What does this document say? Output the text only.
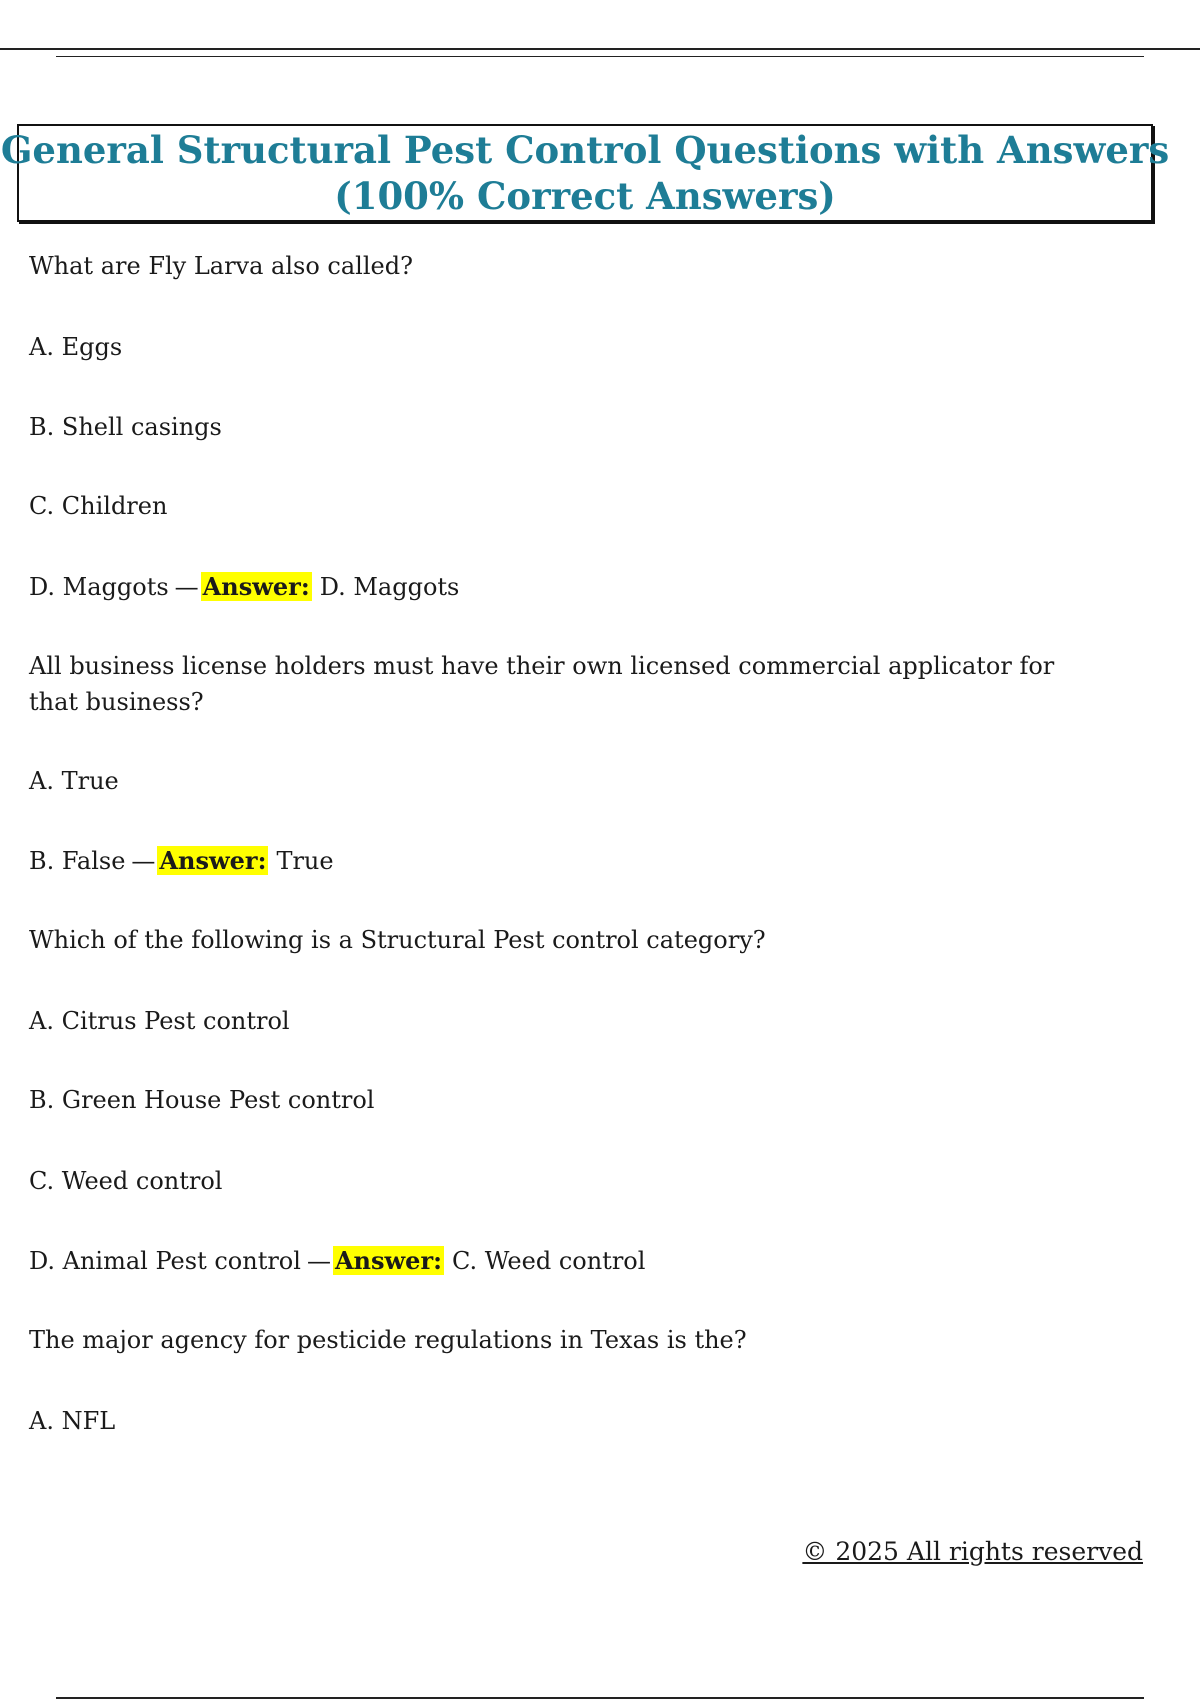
General Structural Pest Control Questions with Answers
(100% Correct Answers)
What are Fly Larva also called?
A. Eggs
B. Shell casings
C. Children
D. Maggots — Answer: D. Maggots
All business license holders must have their own licensed commercial applicator for that business?
A. True
B. False — Answer: True
Which of the following is a Structural Pest control category?
A. Citrus Pest control
B. Green House Pest control
C. Weed control
D. Animal Pest control — Answer: C. Weed control
The major agency for pesticide regulations in Texas is the?
A. NFL
© 2025 All rights reserved
